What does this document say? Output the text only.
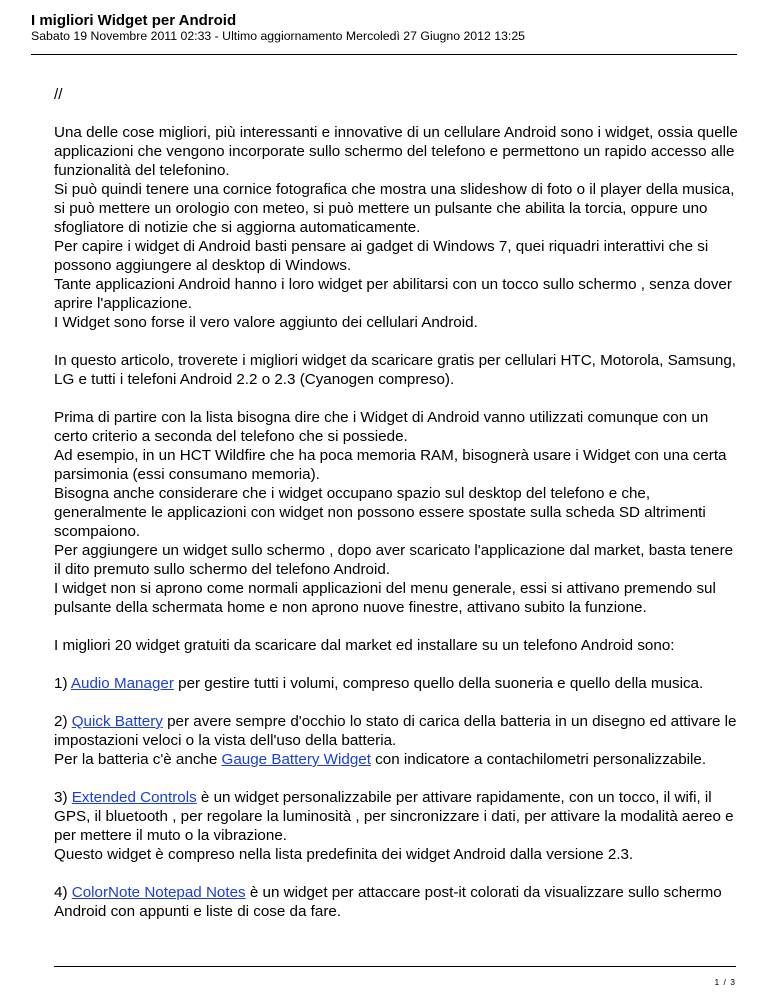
I migliori Widget per Android
Sabato 19 Novembre 2011 02:33 - Ultimo aggiornamento Mercoledì 27 Giugno 2012 13:25

//

Una delle cose migliori, più interessanti e innovative di un cellulare Android sono i widget, ossia quelle applicazioni che vengono incorporate sullo schermo del telefono e permettono un rapido accesso alle funzionalità del telefonino.
Si può quindi tenere una cornice fotografica che mostra una slideshow di foto o il player della musica, si può mettere un orologio con meteo, si può mettere un pulsante che abilita la torcia, oppure uno sfogliatore di notizie che si aggiorna automaticamente.
Per capire i widget di Android basti pensare ai gadget di Windows 7, quei riquadri interattivi che si possono aggiungere al desktop di Windows.
Tante applicazioni Android hanno i loro widget per abilitarsi con un tocco sullo schermo , senza dover aprire l'applicazione.
I Widget sono forse il vero valore aggiunto dei cellulari Android.

In questo articolo, troverete i migliori widget da scaricare gratis per cellulari HTC, Motorola, Samsung, LG e tutti i telefoni Android 2.2 o 2.3 (Cyanogen compreso).

Prima di partire con la lista bisogna dire che i Widget di Android vanno utilizzati comunque con un certo criterio a seconda del telefono che si possiede.
Ad esempio, in un HCT Wildfire che ha poca memoria RAM, bisognerà usare i Widget con una certa parsimonia (essi consumano memoria).
Bisogna anche considerare che i widget occupano spazio sul desktop del telefono e che, generalmente le applicazioni con widget non possono essere spostate sulla scheda SD altrimenti scompaiono.
Per aggiungere un widget sullo schermo , dopo aver scaricato l'applicazione dal market, basta tenere il dito premuto sullo schermo del telefono Android.
I widget non si aprono come normali applicazioni del menu generale, essi si attivano premendo sul pulsante della schermata home e non aprono nuove finestre, attivano subito la funzione.

I migliori 20 widget gratuiti da scaricare dal market ed installare su un telefono Android sono:

1) Audio Manager per gestire tutti i volumi, compreso quello della suoneria e quello della musica.

2) Quick Battery per avere sempre d'occhio lo stato di carica della batteria in un disegno ed attivare le impostazioni veloci o la vista dell'uso della batteria.
Per la batteria c'è anche Gauge Battery Widget con indicatore a contachilometri personalizzabile.

3) Extended Controls è un widget personalizzabile per attivare rapidamente, con un tocco, il wifi, il GPS, il bluetooth , per regolare la luminosità , per sincronizzare i dati, per attivare la modalità aereo e per mettere il muto o la vibrazione.
Questo widget è compreso nella lista predefinita dei widget Android dalla versione 2.3.

4) ColorNote Notepad Notes è un widget per attaccare post-it colorati da visualizzare sullo schermo Android con appunti e liste di cose da fare.

1 / 3
